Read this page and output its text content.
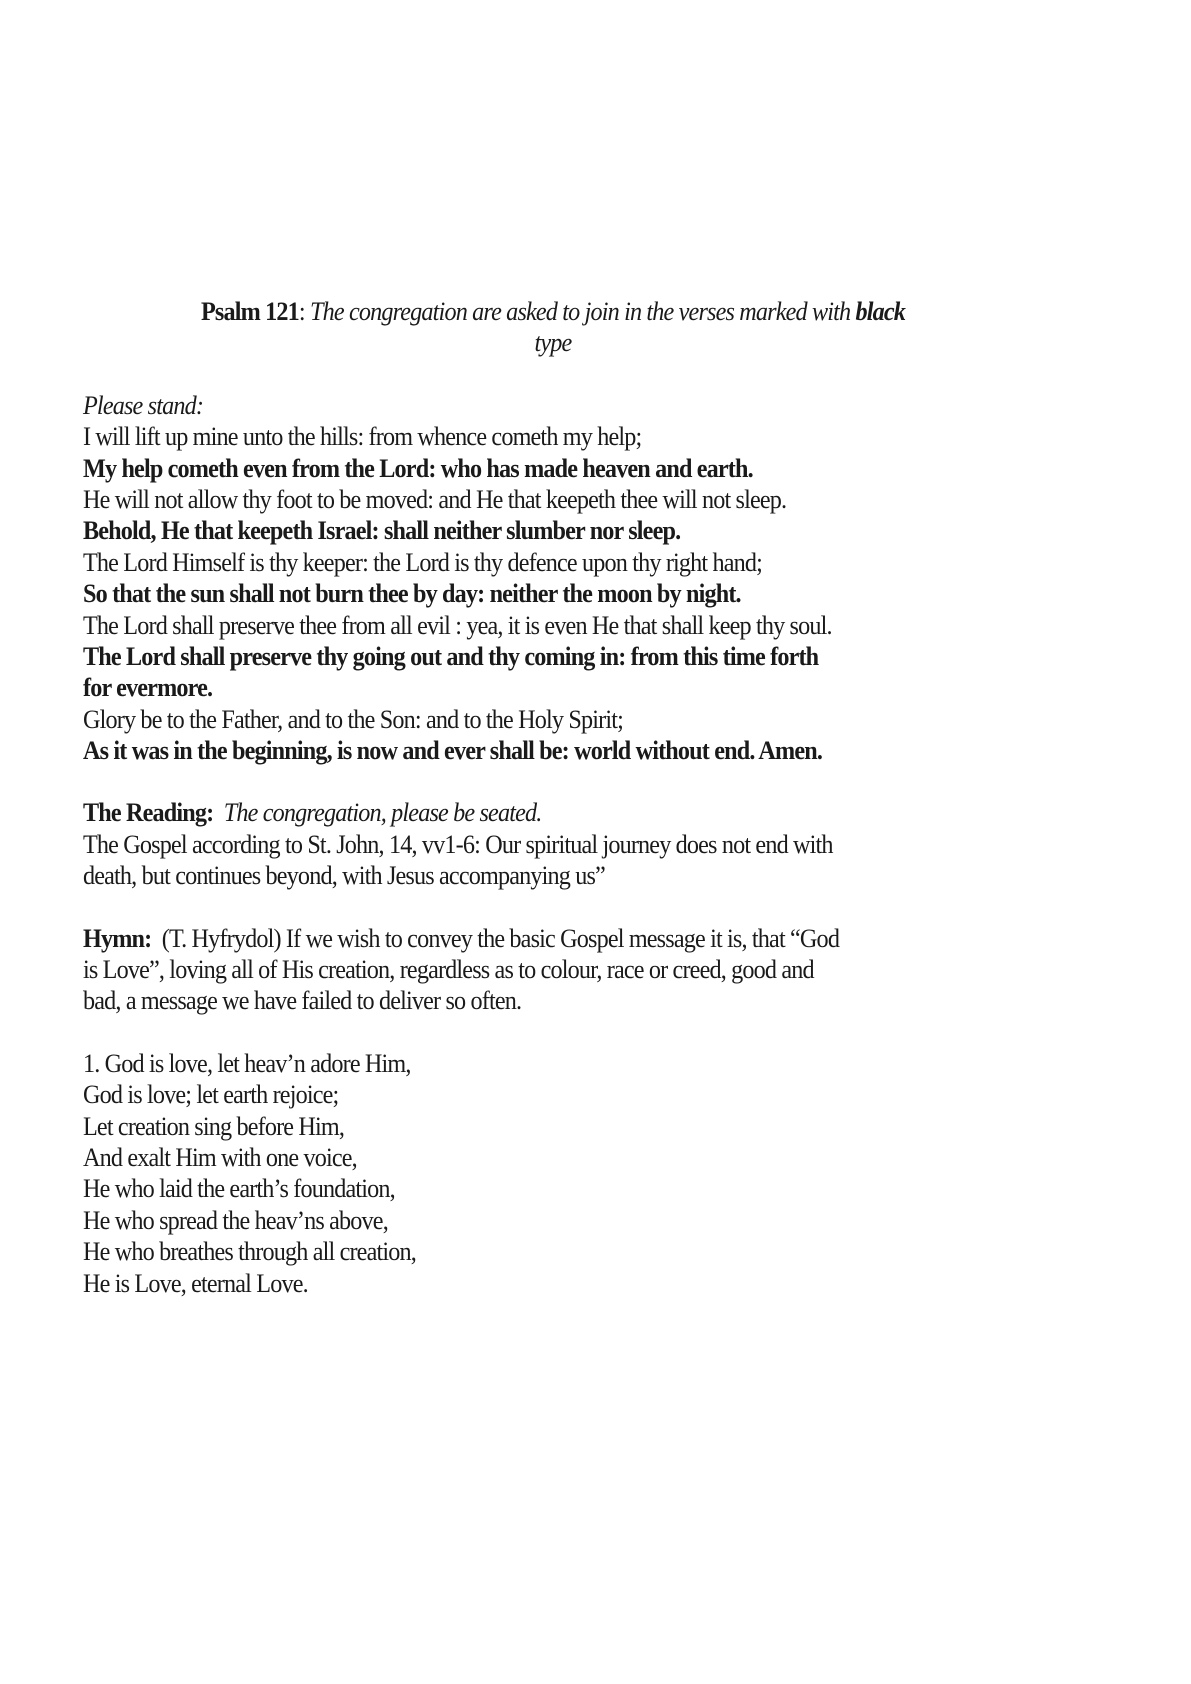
Psalm 121: The congregation are asked to join in the verses marked with black
type
Please stand:
I will lift up mine unto the hills: from whence cometh my help;
My help cometh even from the Lord: who has made heaven and earth.
He will not allow thy foot to be moved: and He that keepeth thee will not sleep.
Behold, He that keepeth Israel: shall neither slumber nor sleep.
The Lord Himself is thy keeper: the Lord is thy defence upon thy right hand;
So that the sun shall not burn thee by day: neither the moon by night.
The Lord shall preserve thee from all evil : yea, it is even He that shall keep thy soul.
The Lord shall preserve thy going out and thy coming in: from this time forth
for evermore.
Glory be to the Father, and to the Son: and to the Holy Spirit;
As it was in the beginning, is now and ever shall be: world without end. Amen.
The Reading: The congregation, please be seated.
The Gospel according to St. John, 14, vv1-6: Our spiritual journey does not end with
death, but continues beyond, with Jesus accompanying us”
Hymn: (T. Hyfrydol) If we wish to convey the basic Gospel message it is, that “God
is Love”, loving all of His creation, regardless as to colour, race or creed, good and
bad, a message we have failed to deliver so often.
1. God is love, let heav’n adore Him,
God is love; let earth rejoice;
Let creation sing before Him,
And exalt Him with one voice,
He who laid the earth’s foundation,
He who spread the heav’ns above,
He who breathes through all creation,
He is Love, eternal Love.
